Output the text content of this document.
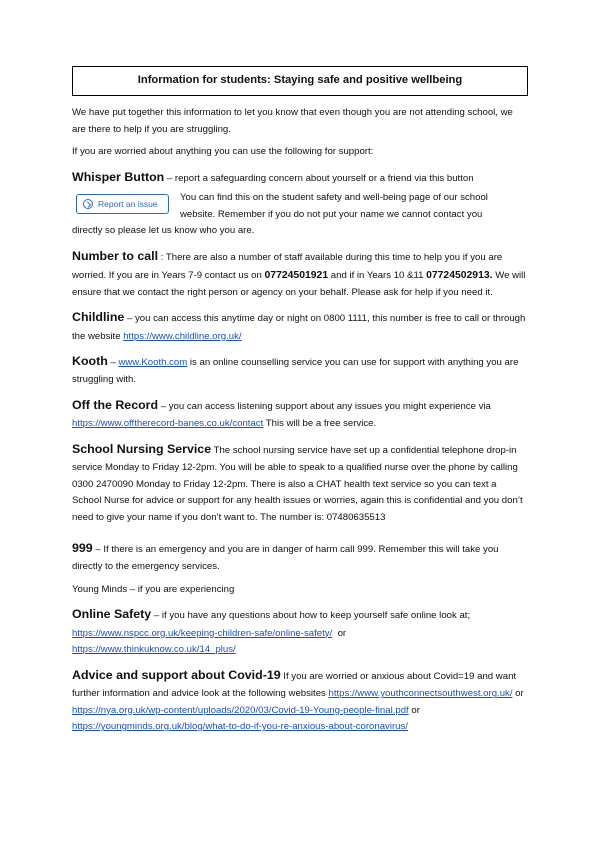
Information for students: Staying safe and positive wellbeing

We have put together this information to let you know that even though you are not attending school, we are there to help if you are struggling.

If you are worried about anything you can use the following for support:

Whisper Button – report a safeguarding concern about yourself or a friend via this button

Report an issue
You can find this on the student safety and well-being page of our school
website. Remember if you do not put your name we cannot contact you
directly so please let us know who you are.

Number to call : There are also a number of staff available during this time to help you if you are worried. If you are in Years 7-9 contact us on 07724501921 and if in Years 10 &11 07724502913. We will ensure that we contact the right person or agency on your behalf. Please ask for help if you need it.

Childline – you can access this anytime day or night on 0800 1111, this number is free to call or through the website https://www.childline.org.uk/

Kooth – www.Kooth.com is an online counselling service you can use for support with anything you are struggling with.

Off the Record – you can access listening support about any issues you might experience via https://www.offtherecord-banes.co.uk/contact This will be a free service.

School Nursing Service The school nursing service have set up a confidential telephone drop-in service Monday to Friday 12-2pm. You will be able to speak to a qualified nurse over the phone by calling 0300 2470090 Monday to Friday 12-2pm. There is also a CHAT health text service so you can text a School Nurse for advice or support for any health issues or worries, again this is confidential and you don’t need to give your name if you don’t want to. The number is: 07480635513

999 – If there is an emergency and you are in danger of harm call 999. Remember this will take you directly to the emergency services.

Young Minds – if you are experiencing

Online Safety – if you have any questions about how to keep yourself safe online look at;
https://www.nspcc.org.uk/keeping-children-safe/online-safety/  or
https://www.thinkuknow.co.uk/14_plus/

Advice and support about Covid-19 If you are worried or anxious about Covid=19 and want further information and advice look at the following websites https://www.youthconnectsouthwest.org.uk/ or https://nya.org.uk/wp-content/uploads/2020/03/Covid-19-Young-people-final.pdf or https://youngminds.org.uk/blog/what-to-do-if-you-re-anxious-about-coronavirus/
